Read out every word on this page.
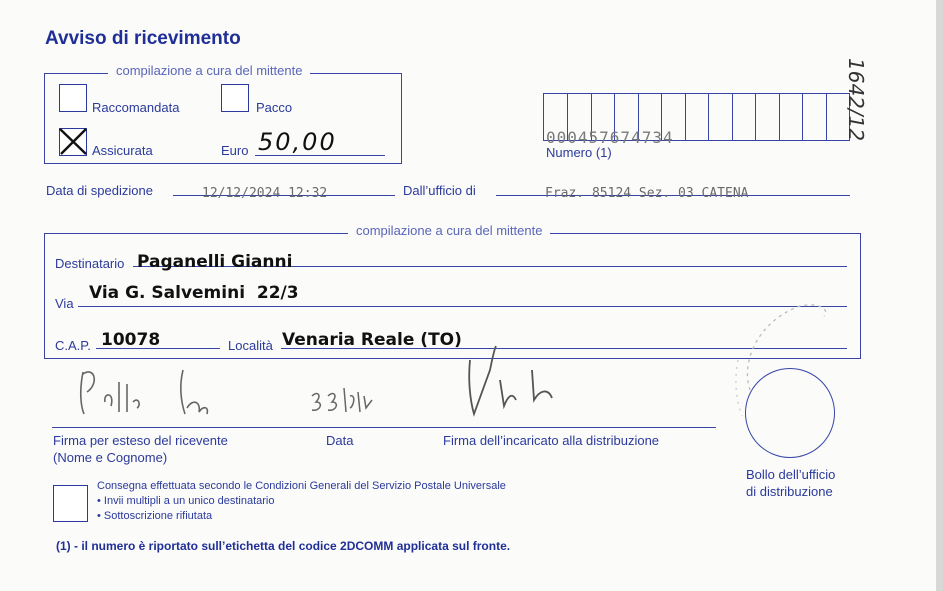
Avviso di ricevimento
compilazione a cura del mittente
Raccomandata	Pacco
Assicurata	Euro 50,00	000457674734
Numero (1)
Data di spedizione	12/12/2024 12:32	Dall’ufficio di	Fraz. 85124 Sez. 03 CATENA
compilazione a cura del mittente
Destinatario Paganelli Gianni
Via
Via G. Salvemini  22/3
C.A.P. 10078	Località Venaria Reale (TO)
Firma per esteso del ricevente
(Nome e Cognome)
Data	Firma dell’incaricato alla distribuzione
Bollo dell’ufficio
di distribuzione
Consegna effettuata secondo le Condizioni Generali del Servizio Postale Universale
• Invii multipli a un unico destinatario
• Sottoscrizione rifiutata
(1) - il numero è riportato sull’etichetta del codice 2DCOMM applicata sul fronte.
1642/12
